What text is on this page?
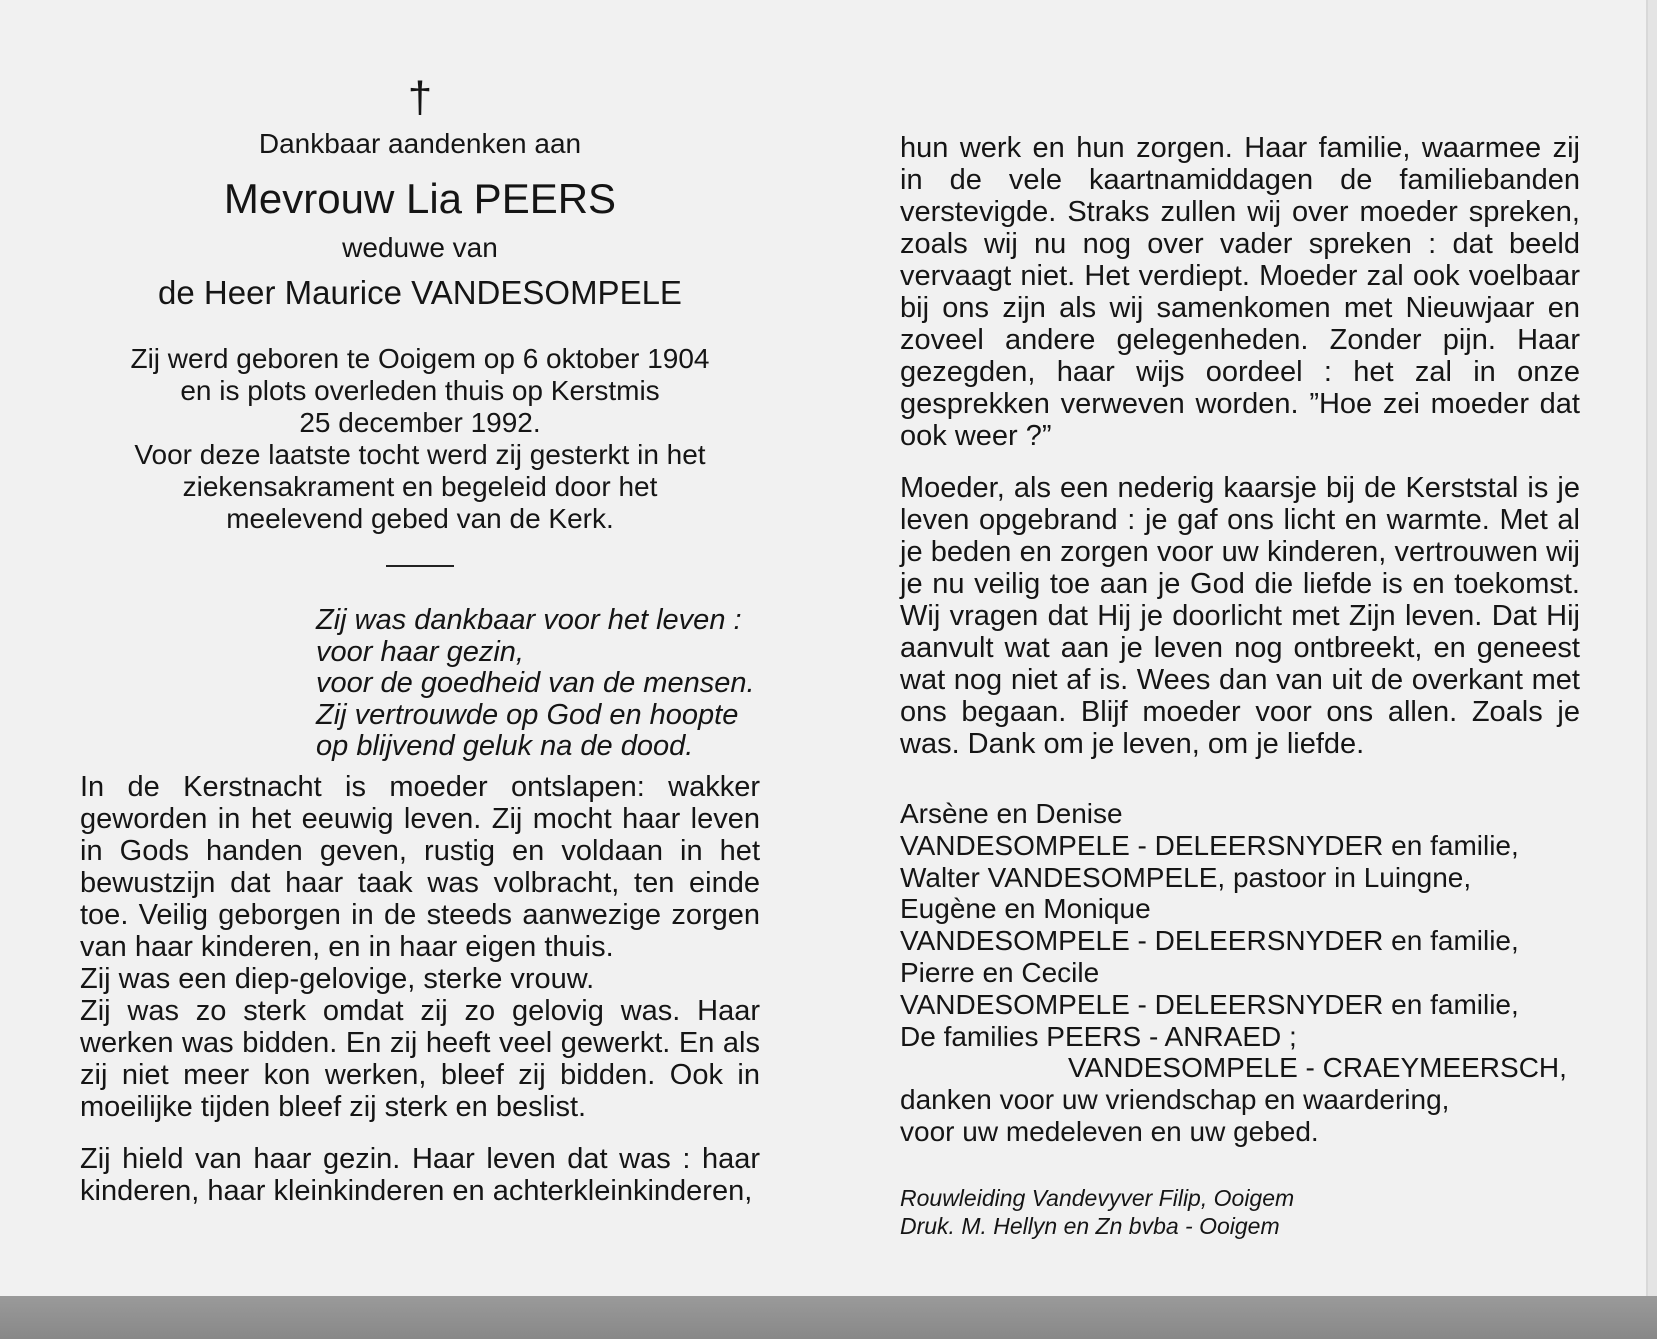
†
Dankbaar aandenken aan
Mevrouw Lia PEERS
weduwe van
de Heer Maurice VANDESOMPELE
Zij werd geboren te Ooigem op 6 oktober 1904
en is plots overleden thuis op Kerstmis
25 december 1992.
Voor deze laatste tocht werd zij gesterkt in het
ziekensakrament en begeleid door het
meelevend gebed van de Kerk.
Zij was dankbaar voor het leven :
voor haar gezin,
voor de goedheid van de mensen.
Zij vertrouwde op God en hoopte
op blijvend geluk na de dood.
In de Kerstnacht is moeder ontslapen: wakker geworden in het eeuwig leven. Zij mocht haar leven in Gods handen geven, rustig en voldaan in het bewustzijn dat haar taak was volbracht, ten einde toe. Veilig geborgen in de steeds aanwezige zorgen van haar kinderen, en in haar eigen thuis.
Zij was een diep-gelovige, sterke vrouw.
Zij was zo sterk omdat zij zo gelovig was. Haar werken was bidden. En zij heeft veel gewerkt. En als zij niet meer kon werken, bleef zij bidden. Ook in moeilijke tijden bleef zij sterk en beslist.
Zij hield van haar gezin. Haar leven dat was : haar kinderen, haar kleinkinderen en achterkleinkinderen,
hun werk en hun zorgen. Haar familie, waarmee zij in de vele kaartnamiddagen de familiebanden verstevigde. Straks zullen wij over moeder spreken, zoals wij nu nog over vader spreken : dat beeld vervaagt niet. Het verdiept. Moeder zal ook voelbaar bij ons zijn als wij samenkomen met Nieuwjaar en zoveel andere gelegenheden. Zonder pijn. Haar gezegden, haar wijs oordeel : het zal in onze gesprekken verweven worden. ”Hoe zei moeder dat ook weer ?”
Moeder, als een nederig kaarsje bij de Kerststal is je leven opgebrand : je gaf ons licht en warmte. Met al je beden en zorgen voor uw kinderen, vertrouwen wij je nu veilig toe aan je God die liefde is en toekomst. Wij vragen dat Hij je doorlicht met Zijn leven. Dat Hij aanvult wat aan je leven nog ontbreekt, en geneest wat nog niet af is. Wees dan van uit de overkant met ons begaan. Blijf moeder voor ons allen. Zoals je was. Dank om je leven, om je liefde.
Arsène en Denise
VANDESOMPELE - DELEERSNYDER en familie,
Walter VANDESOMPELE, pastoor in Luingne,
Eugène en Monique
VANDESOMPELE - DELEERSNYDER en familie,
Pierre en Cecile
VANDESOMPELE - DELEERSNYDER en familie,
De families PEERS - ANRAED ;
VANDESOMPELE - CRAEYMEERSCH,
danken voor uw vriendschap en waardering,
voor uw medeleven en uw gebed.
Rouwleiding Vandevyver Filip, Ooigem
Druk. M. Hellyn en Zn bvba - Ooigem
